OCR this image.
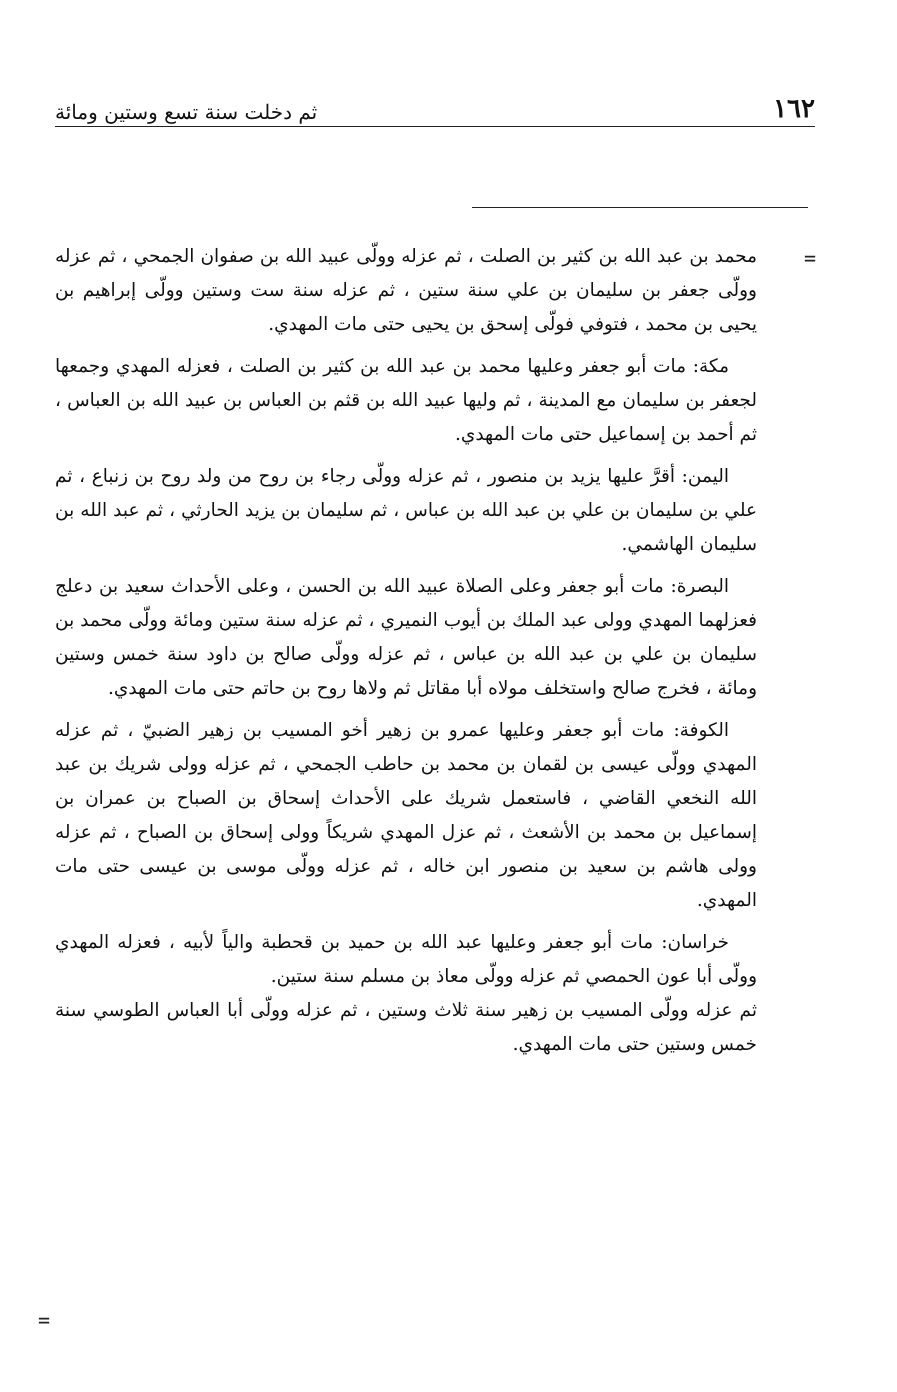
١٦٢
ثم دخلت سنة تسع وستين ومائة
=

محمد بن عبد الله بن كثير بن الصلت ، ثم عزله وولّى عبيد الله بن صفوان الجمحي ، ثم عزله وولّى جعفر بن سليمان بن علي سنة ستين ، ثم عزله سنة ست وستين وولّى إبراهيم بن يحيى بن محمد ، فتوفي فولّى إسحق بن يحيى حتى مات المهدي.

مكة: مات أبو جعفر وعليها محمد بن عبد الله بن كثير بن الصلت ، فعزله المهدي وجمعها لجعفر بن سليمان مع المدينة ، ثم وليها عبيد الله بن قثم بن العباس بن عبيد الله بن العباس ، ثم أحمد بن إسماعيل حتى مات المهدي.

اليمن: أقرَّ عليها يزيد بن منصور ، ثم عزله وولّى رجاء بن روح من ولد روح بن زنباع ، ثم علي بن سليمان بن علي بن عبد الله بن عباس ، ثم سليمان بن يزيد الحارثي ، ثم عبد الله بن سليمان الهاشمي.

البصرة: مات أبو جعفر وعلى الصلاة عبيد الله بن الحسن ، وعلى الأحداث سعيد بن دعلج فعزلهما المهدي وولى عبد الملك بن أيوب النميري ، ثم عزله سنة ستين ومائة وولّى محمد بن سليمان بن علي بن عبد الله بن عباس ، ثم عزله وولّى صالح بن داود سنة خمس وستين ومائة ، فخرج صالح واستخلف مولاه أبا مقاتل ثم ولاها روح بن حاتم حتى مات المهدي.

الكوفة: مات أبو جعفر وعليها عمرو بن زهير أخو المسيب بن زهير الضبيّ ، ثم عزله المهدي وولّى عيسى بن لقمان بن محمد بن حاطب الجمحي ، ثم عزله وولى شريك بن عبد الله النخعي القاضي ، فاستعمل شريك على الأحداث إسحاق بن الصباح بن عمران بن إسماعيل بن محمد بن الأشعث ، ثم عزل المهدي شريكاً وولى إسحاق بن الصباح ، ثم عزله وولى هاشم بن سعيد بن منصور ابن خاله ، ثم عزله وولّى موسى بن عيسى حتى مات المهدي.

خراسان: مات أبو جعفر وعليها عبد الله بن حميد بن قحطبة والياً لأبيه ، فعزله المهدي وولّى أبا عون الحمصي ثم عزله وولّى معاذ بن مسلم سنة ستين.

ثم عزله وولّى المسيب بن زهير سنة ثلاث وستين ، ثم عزله وولّى أبا العباس الطوسي سنة خمس وستين حتى مات المهدي.

=
